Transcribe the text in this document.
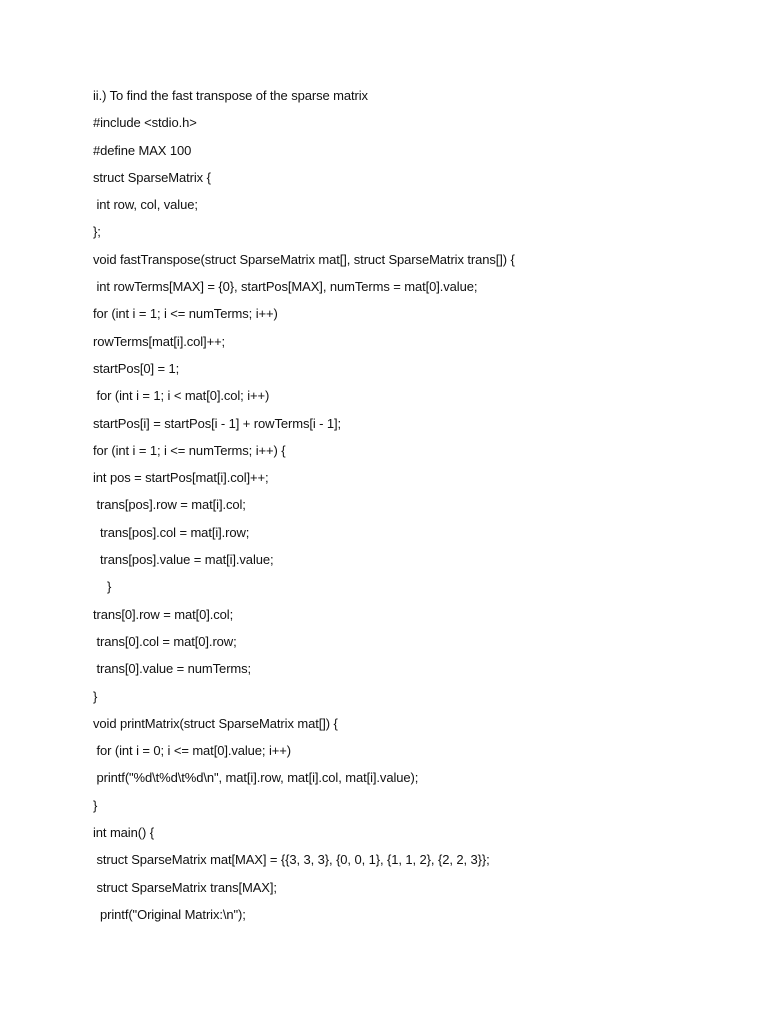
ii.) To find the fast transpose of the sparse matrix
#include <stdio.h>
#define MAX 100
struct SparseMatrix {
int row, col, value;
};
void fastTranspose(struct SparseMatrix mat[], struct SparseMatrix trans[]) {
int rowTerms[MAX] = {0}, startPos[MAX], numTerms = mat[0].value;
for (int i = 1; i <= numTerms; i++)
rowTerms[mat[i].col]++;
startPos[0] = 1;
for (int i = 1; i < mat[0].col; i++)
startPos[i] = startPos[i - 1] + rowTerms[i - 1];
for (int i = 1; i <= numTerms; i++) {
int pos = startPos[mat[i].col]++;
trans[pos].row = mat[i].col;
trans[pos].col = mat[i].row;
trans[pos].value = mat[i].value;
}
trans[0].row = mat[0].col;
trans[0].col = mat[0].row;
trans[0].value = numTerms;
}
void printMatrix(struct SparseMatrix mat[]) {
for (int i = 0; i <= mat[0].value; i++)
printf("%d\t%d\t%d\n", mat[i].row, mat[i].col, mat[i].value);
}
int main() {
struct SparseMatrix mat[MAX] = {{3, 3, 3}, {0, 0, 1}, {1, 1, 2}, {2, 2, 3}};
struct SparseMatrix trans[MAX];
printf("Original Matrix:\n");
